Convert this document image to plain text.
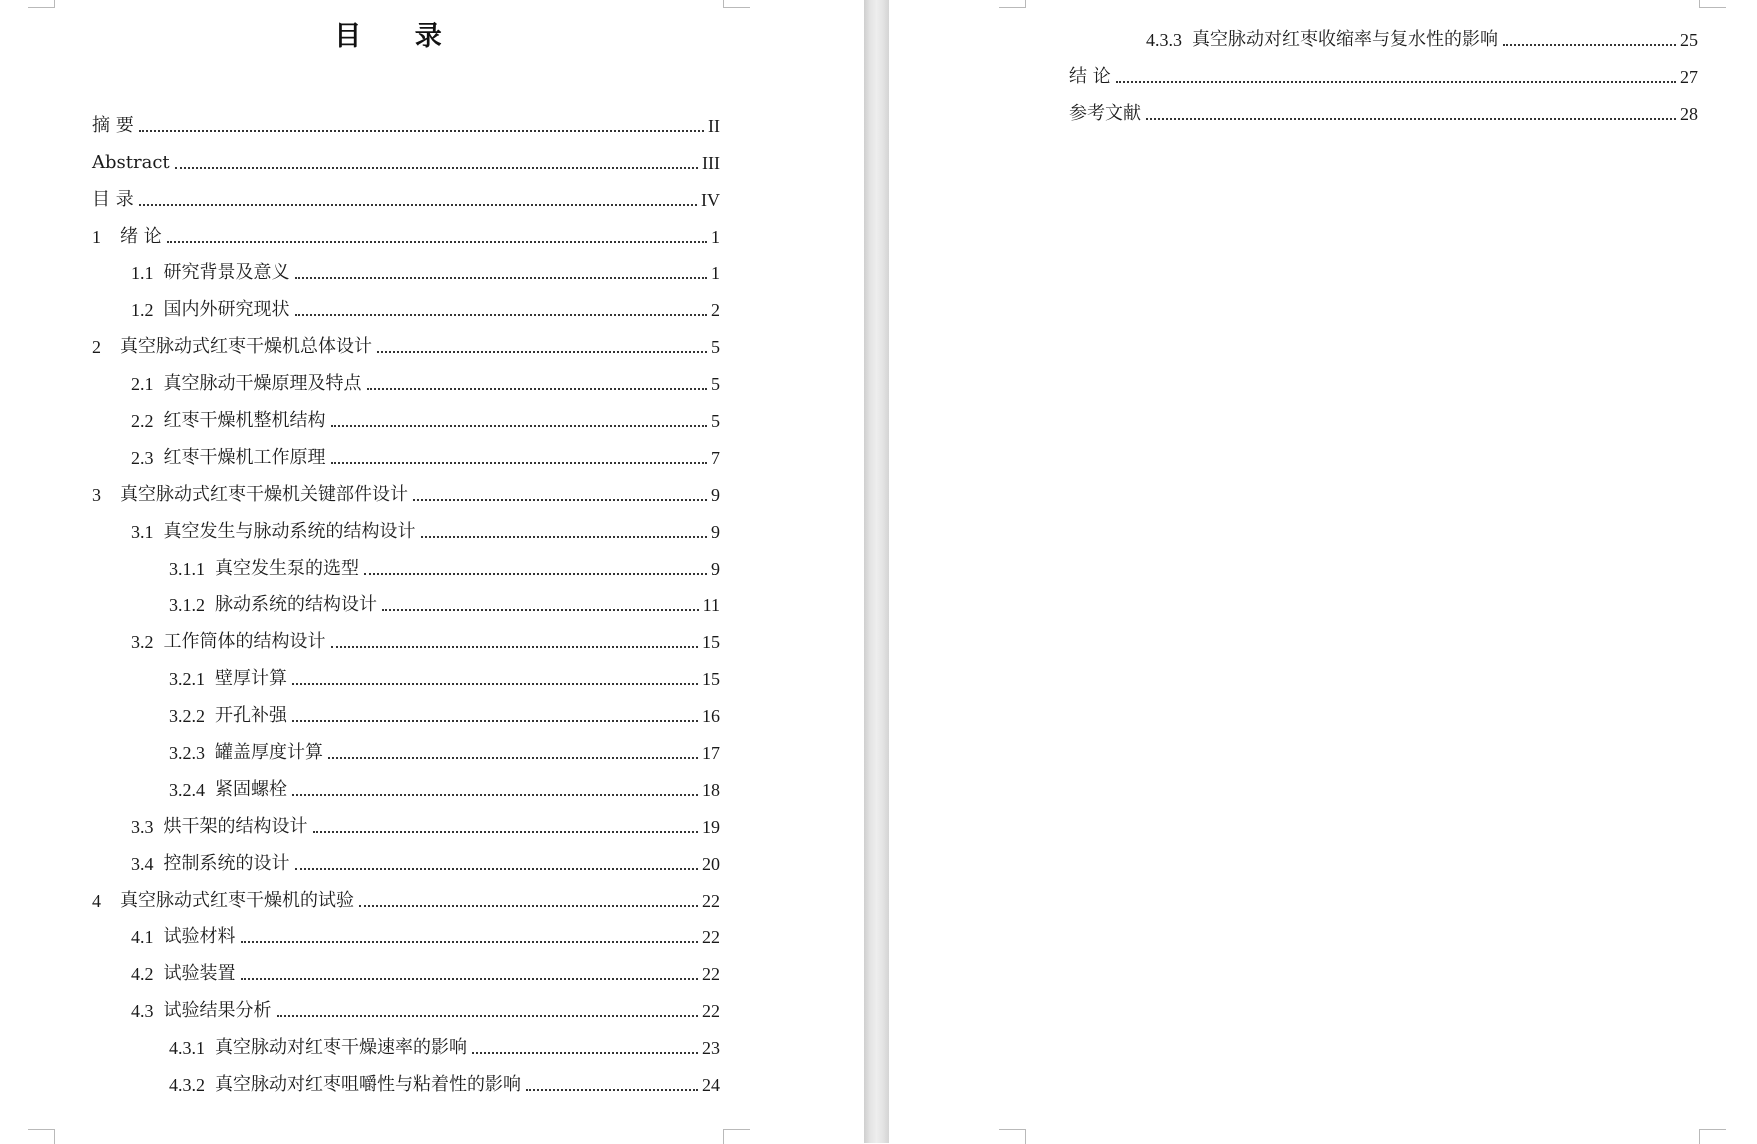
目 录
摘 要	II
Abstract	III
目 录	IV
1	绪 论	1
1.1 研究背景及意义	1
1.2 国内外研究现状	2
2	真空脉动式红枣干燥机总体设计	5
2.1 真空脉动干燥原理及特点	5
2.2 红枣干燥机整机结构	5
2.3 红枣干燥机工作原理	7
3	真空脉动式红枣干燥机关键部件设计	9
3.1 真空发生与脉动系统的结构设计	9
3.1.1 真空发生泵的选型	9
3.1.2 脉动系统的结构设计	11
3.2 工作筒体的结构设计	15
3.2.1 壁厚计算	15
3.2.2 开孔补强	16
3.2.3 罐盖厚度计算	17
3.2.4 紧固螺栓	18
3.3 烘干架的结构设计	19
3.4 控制系统的设计	20
4	真空脉动式红枣干燥机的试验	22
4.1 试验材料	22
4.2 试验装置	22
4.3 试验结果分析	22
4.3.1 真空脉动对红枣干燥速率的影响	23
4.3.2 真空脉动对红枣咀嚼性与粘着性的影响	24
4.3.3 真空脉动对红枣收缩率与复水性的影响	25
结 论	27
参考文献	28
